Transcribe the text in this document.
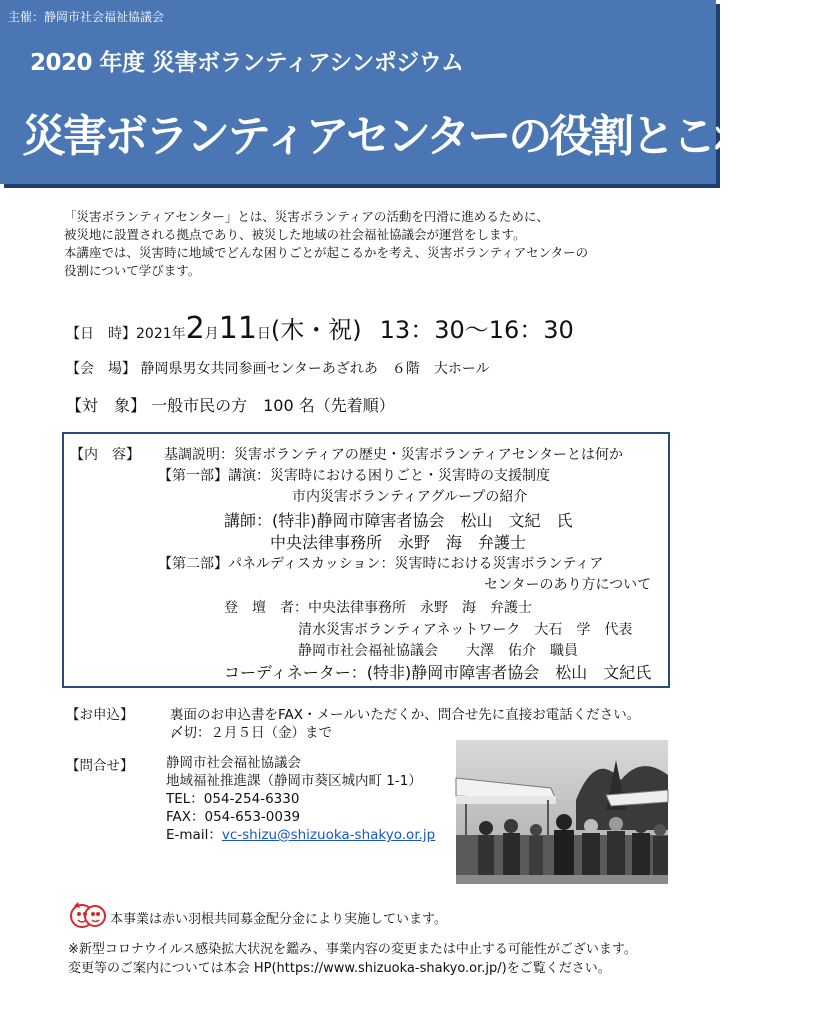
主催：静岡市社会福祉協議会
2020 年度 災害ボランティアシンポジウム
災害ボランティアセンターの役割とこれから

「災害ボランティアセンター」とは、災害ボランティアの活動を円滑に進めるために、

被災地に設置される拠点であり、被災した地域の社会福祉協議会が運営をします。

本講座では、災害時に地域でどんな困りごとが起こるかを考え、災害ボランティアセンターの

役割について学びます。

【日　時】 2021 年 2 月 11 日 (木・祝) 13：30〜16：30
【会　場】 静岡県男女共同参画センターあざれあ　６階　大ホール
【対　象】 一般市民の方　100 名（先着順）
【内　容】 基調説明：災害ボランティアの歴史・災害ボランティアセンターとは何か
【第一部】講演：災害時における困りごと・災害時の支援制度
市内災害ボランティアグループの紹介
講師：(特非)静岡市障害者協会　松山　文紀　氏
中央法律事務所　永野　海　弁護士
【第二部】パネルディスカッション：災害時における災害ボランティア
センターのあり方について
登　壇　者：中央法律事務所　永野　海　弁護士
清水災害ボランティアネットワーク　大石　学　代表
静岡市社会福祉協議会　　大澤　佑介　職員
コーディネーター：(特非)静岡市障害者協会　松山　文紀氏
【お申込】	裏面のお申込書をFAX・メールいただくか、問合せ先に直接お電話ください。
〆切：２月５日（金）まで
【問合せ】 静岡市社会福祉協議会
地域福祉推進課（静岡市葵区城内町 1-1）
TEL：054-254-6330
FAX：054-653-0039
E-mail：vc-shizu@shizuoka-shakyo.or.jp
本事業は赤い羽根共同募金配分金により実施しています。
※新型コロナウイルス感染拡大状況を鑑み、事業内容の変更または中止する可能性がございます。
変更等のご案内については本会 HP(https://www.shizuoka-shakyo.or.jp/)をご覧ください。
